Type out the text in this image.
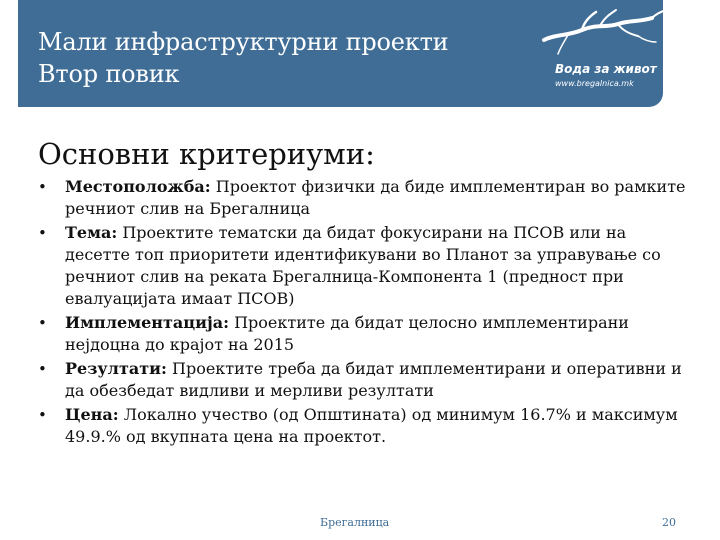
Мали инфраструктурни проекти
Втор повик	Вода за живот
www.bregalnica.mk
Основни критериуми:
• Местоположба: Проектот физички да биде имплементиран во рамките речниот слив на Брегалница
• Тема: Проектите тематски да бидат фокусирани на ПСОВ или на десетте топ приоритети идентификувани во Планот за управување со речниот слив на реката Брегалница-Компонента 1 (предност при евалуацијата имаат ПСОВ)
• Имплементација: Проектите да бидат целосно имплементирани нејдоцна до крајот на 2015
• Резултати: Проектите треба да бидат имплементирани и оперативни и да обезбедат видливи и мерливи резултати
• Цена: Локално учество (од Општината) од минимум 16.7% и максимум 49.9.% од вкупната цена на проектот.
Брегалница	20
